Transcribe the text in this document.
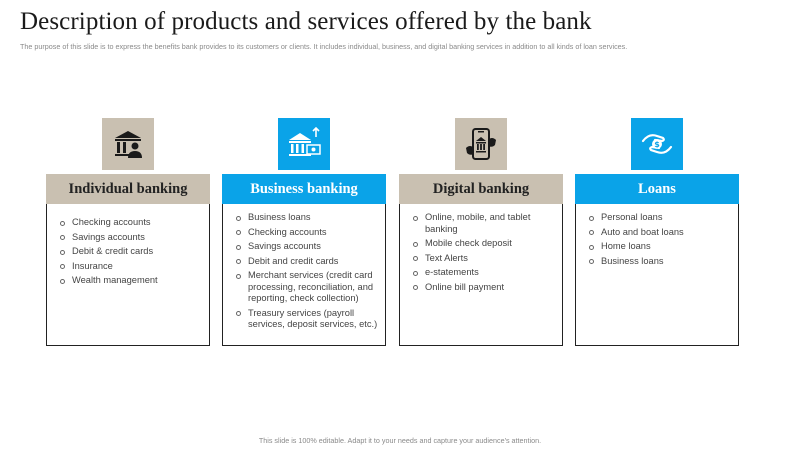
Description of products and services offered by the bank
The purpose of this slide is to express the benefits bank provides to its customers or clients. It includes individual, business, and digital banking services in addition to all kinds of loan services.
Individual banking
Checking accounts
Savings accounts
Debit & credit cards
Insurance
Wealth management
Business banking
Business loans
Checking accounts
Savings accounts
Debit and credit cards
Merchant services (credit card processing, reconciliation, and reporting, check collection)
Treasury services (payroll services, deposit services, etc.)
Digital banking
Online, mobile, and tablet banking
Mobile check deposit
Text Alerts
e-statements
Online bill payment
$
Loans
Personal loans
Auto and boat loans
Home loans
Business loans
This slide is 100% editable. Adapt it to your needs and capture your audience's attention.
